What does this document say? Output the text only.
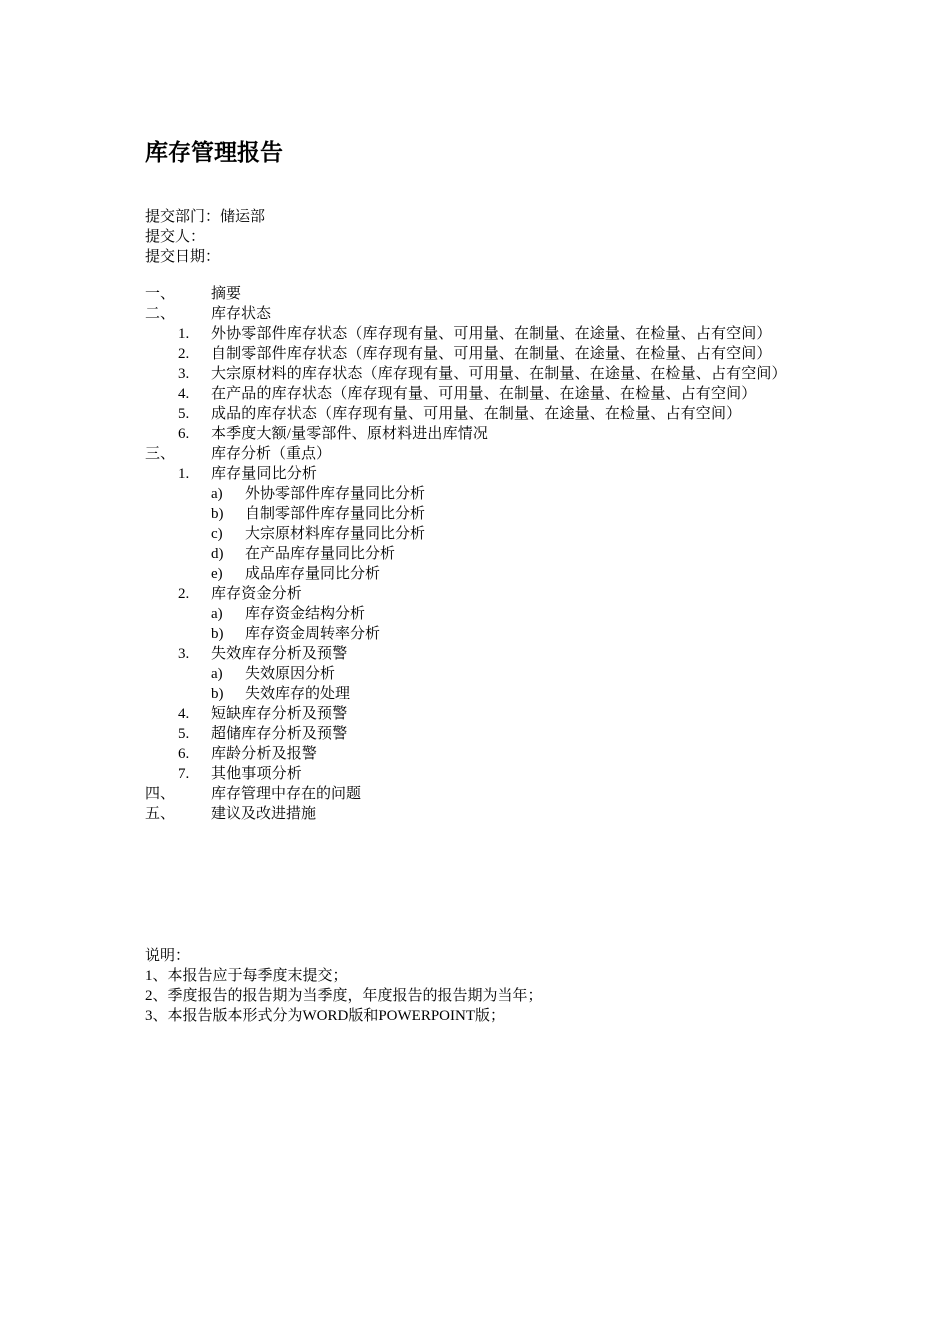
库存管理报告
提交部门：储运部
提交人：
提交日期：
一、 摘要
二、 库存状态
1. 外协零部件库存状态（库存现有量、可用量、在制量、在途量、在检量、占有空间）
2. 自制零部件库存状态（库存现有量、可用量、在制量、在途量、在检量、占有空间）
3. 大宗原材料的库存状态（库存现有量、可用量、在制量、在途量、在检量、占有空间）
4. 在产品的库存状态（库存现有量、可用量、在制量、在途量、在检量、占有空间）
5. 成品的库存状态（库存现有量、可用量、在制量、在途量、在检量、占有空间）
6. 本季度大额/量零部件、原材料进出库情况
三、 库存分析（重点）
1. 库存量同比分析
a) 外协零部件库存量同比分析
b) 自制零部件库存量同比分析
c) 大宗原材料库存量同比分析
d) 在产品库存量同比分析
e) 成品库存量同比分析
2. 库存资金分析
a) 库存资金结构分析
b) 库存资金周转率分析
3. 失效库存分析及预警
a) 失效原因分析
b) 失效库存的处理
4. 短缺库存分析及预警
5. 超储库存分析及预警
6. 库龄分析及报警
7. 其他事项分析
四、 库存管理中存在的问题
五、 建议及改进措施
说明：
1、本报告应于每季度末提交；
2、季度报告的报告期为当季度，年度报告的报告期为当年；
3、本报告版本形式分为WORD版和POWERPOINT版；
